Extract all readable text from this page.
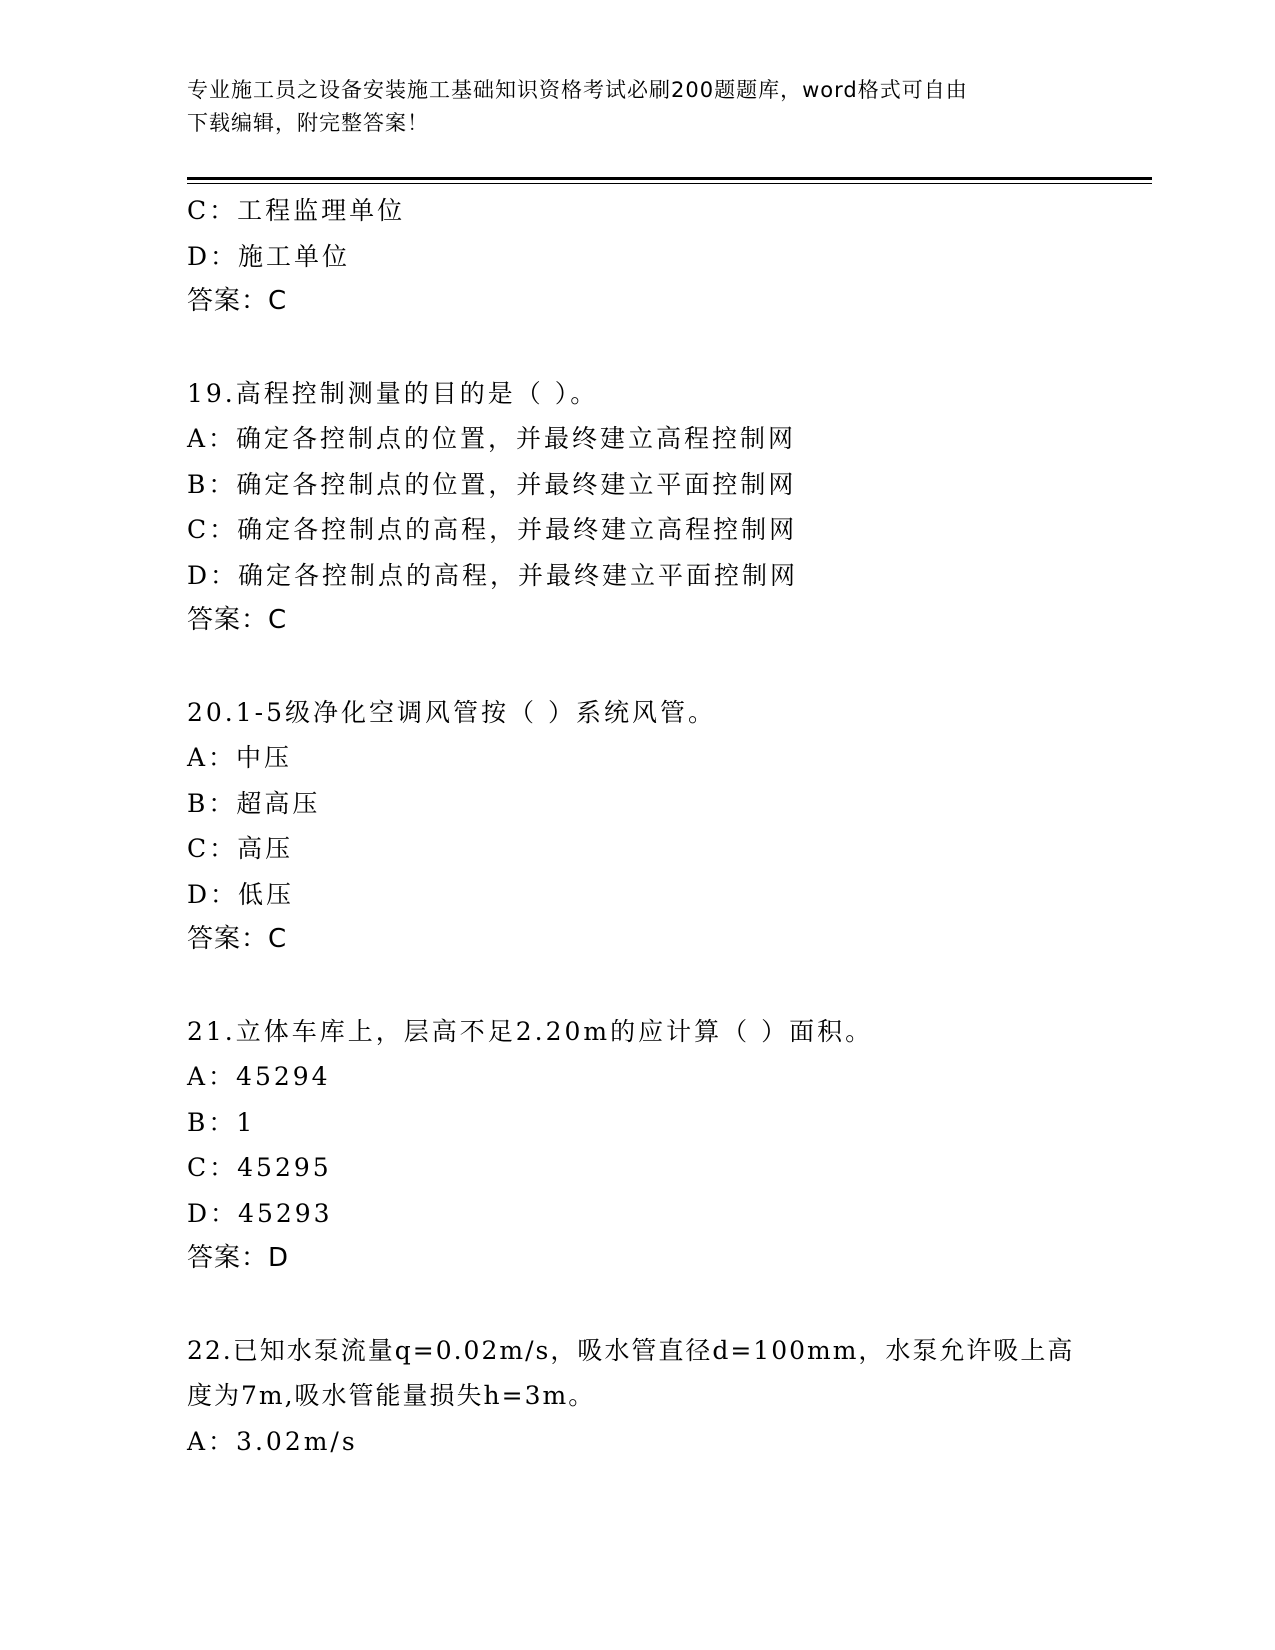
专业施工员之设备安装施工基础知识资格考试必刷200题题库，word格式可自由
下载编辑，附完整答案！
C：工程监理单位
D：施工单位
答案：C
19.高程控制测量的目的是（ ）。
A：确定各控制点的位置，并最终建立高程控制网
B：确定各控制点的位置，并最终建立平面控制网
C：确定各控制点的高程，并最终建立高程控制网
D：确定各控制点的高程，并最终建立平面控制网
答案：C
20.1-5级净化空调风管按（ ）系统风管。
A：中压
B：超高压
C：高压
D：低压
答案：C
21.立体车库上，层高不足2.20m的应计算（ ）面积。
A：45294
B：1
C：45295
D：45293
答案：D
22.已知水泵流量q=0.02m/s，吸水管直径d=100mm，水泵允许吸上高
度为7m,吸水管能量损失h=3m。
A：3.02m/s
